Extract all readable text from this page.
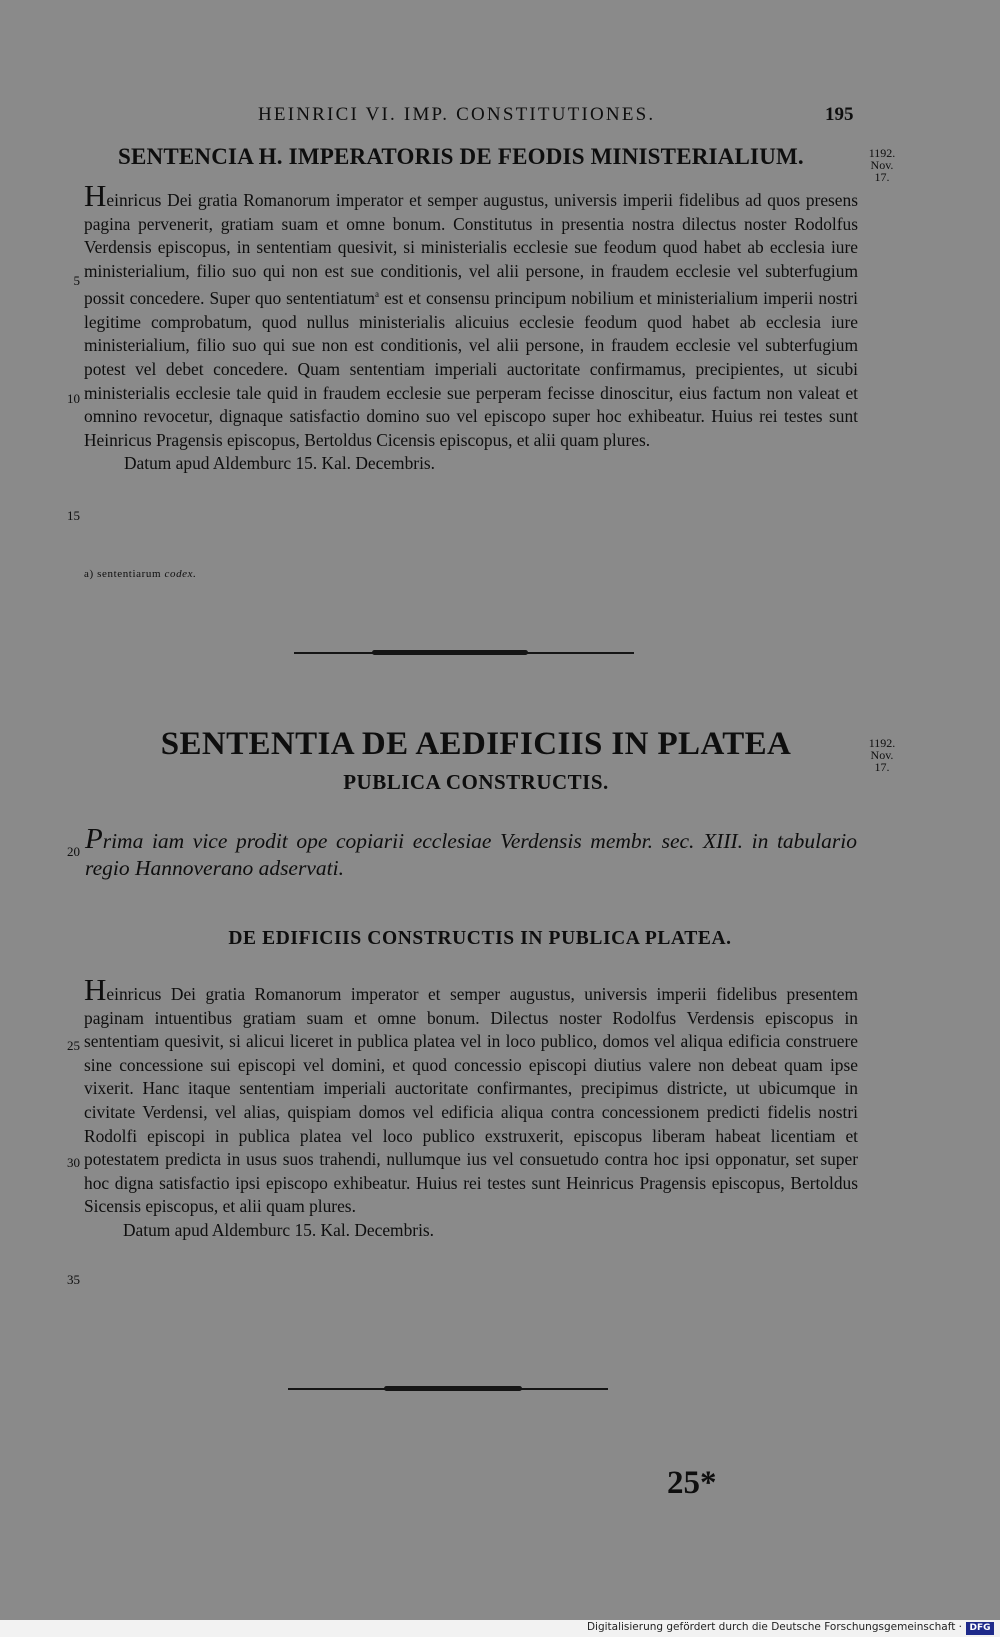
HEINRICI VI. IMP. CONSTITUTIONES.	195
SENTENCIA H. IMPERATORIS DE FEODIS MINISTERIALIUM.	1192.
Nov.
17.
Heinricus Dei gratia Romanorum imperator et semper augustus, universis imperii fidelibus ad quos presens pagina pervenerit, gratiam suam et omne bonum. Constitutus in presentia nostra dilectus noster Rodolfus Verdensis episcopus, in sententiam quesivit, si ministerialis ecclesie sue feodum quod habet ab ecclesia iure ministerialium, filio suo qui non est sue conditionis, vel alii persone, in fraudem ecclesie vel subterfugium possit concedere. Super quo sententiatum$^a$ est et consensu principum nobilium et ministerialium imperii nostri legitime comprobatum, quod nullus ministerialis alicuius ecclesie feodum quod habet ab ecclesia iure ministerialium, filio suo qui sue non est conditionis, vel alii persone, in fraudem ecclesie vel subterfugium potest vel debet concedere. Quam sententiam imperiali auctoritate confirmamus, precipientes, ut sicubi ministerialis ecclesie tale quid in fraudem ecclesie sue perperam fecisse dinoscitur, eius factum non valeat et omnino revocetur, dignaque satisfactio domino suo vel episcopo super hoc exhibeatur. Huius rei testes sunt Heinricus Pragensis episcopus, Bertoldus Cicensis episcopus, et alii quam plures.
Datum apud Aldemburc 15. Kal. Decembris.
5
10
15
a) sententiarum codex.
SENTENTIA DE AEDIFICIIS IN PLATEA
PUBLICA CONSTRUCTIS.
1192.
Nov.
17.
20 Prima iam vice prodit ope copiarii ecclesiae Verdensis membr. sec. XIII. in tabulario regio Hannoverano adservati.
DE EDIFICIIS CONSTRUCTIS IN PUBLICA PLATEA.
Heinricus Dei gratia Romanorum imperator et semper augustus, universis imperii fidelibus presentem paginam intuentibus gratiam suam et omne bonum. Dilectus noster Rodolfus Verdensis episcopus in sententiam quesivit, si alicui liceret in publica platea vel in loco publico, domos vel aliqua edificia construere sine concessione sui episcopi vel domini, et quod concessio episcopi diutius valere non debeat quam ipse vixerit. Hanc itaque sententiam imperiali auctoritate confirmantes, precipimus districte, ut ubicumque in civitate Verdensi, vel alias, quispiam domos vel edificia aliqua contra concessionem predicti fidelis nostri Rodolfi episcopi in publica platea vel loco publico exstruxerit, episcopus liberam habeat licentiam et potestatem predicta in usus suos trahendi, nullumque ius vel consuetudo contra hoc ipsi opponatur, set super hoc digna satisfactio ipsi episcopo exhibeatur. Huius rei testes sunt Heinricus Pragensis episcopus, Bertoldus Sicensis episcopus, et alii quam plures.
Datum apud Aldemburc 15. Kal. Decembris.
25
30
35
25*
Digitalisierung gefördert durch die Deutsche Forschungsgemeinschaft · DFG
